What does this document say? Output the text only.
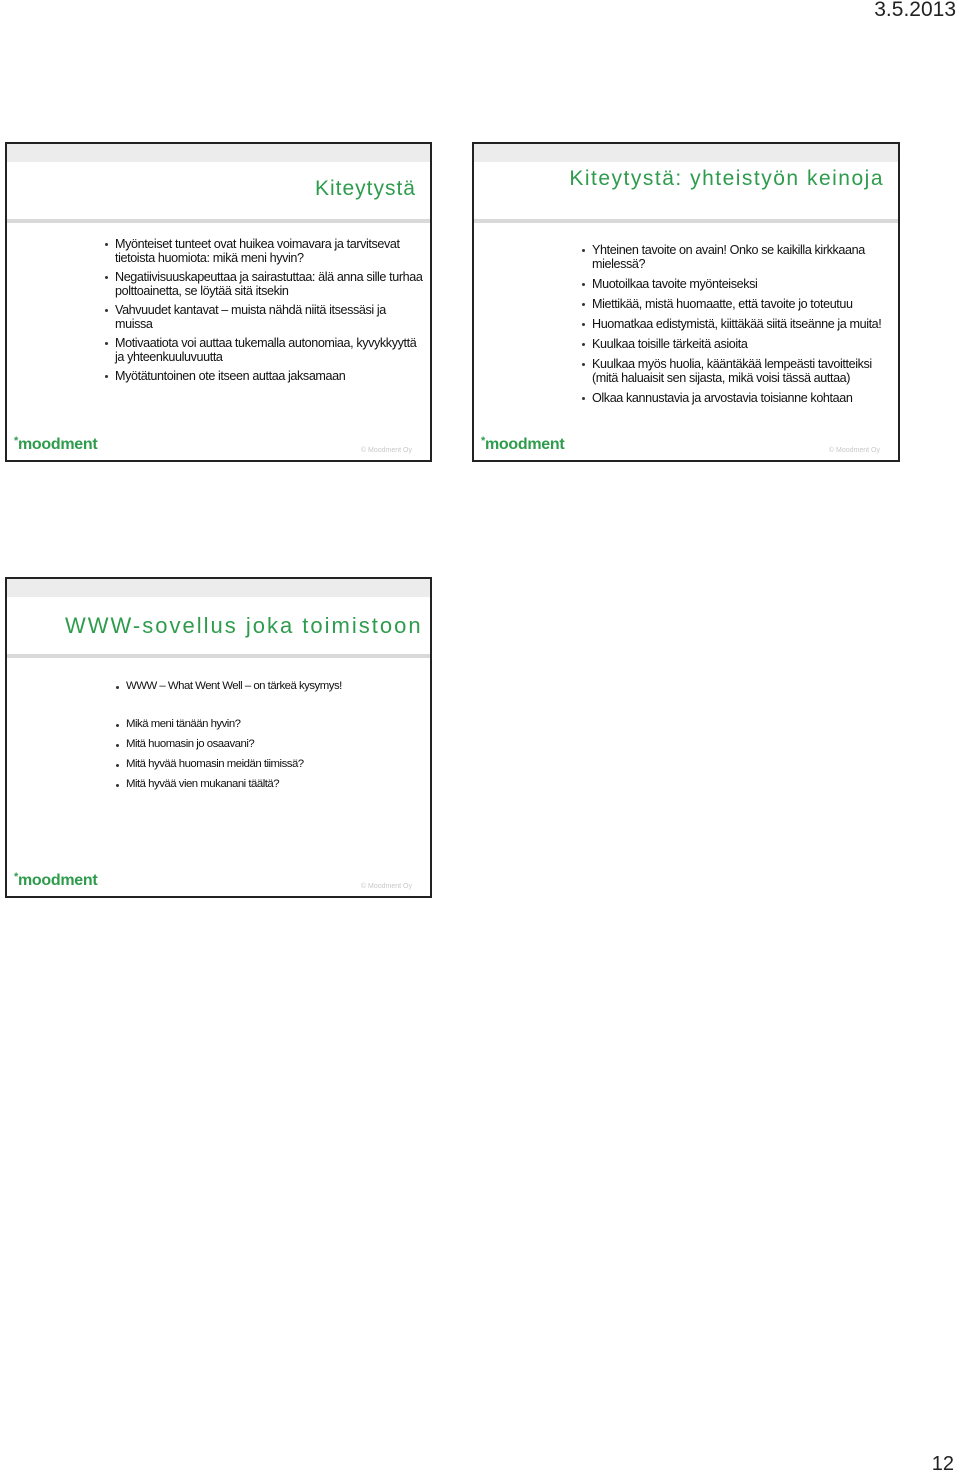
3.5.2013
Kiteytystä
Myönteiset tunteet ovat huikea voimavara ja tarvitsevat tietoista huomiota: mikä meni hyvin?
Negatiivisuuskapeuttaa ja sairastuttaa: älä anna sille turhaa polttoainetta, se löytää sitä itsekin
Vahvuudet kantavat – muista nähdä niitä itsessäsi ja muissa
Motivaatiota voi auttaa tukemalla autonomiaa, kyvykkyyttä ja yhteenkuuluvuutta
Myötätuntoinen ote itseen auttaa jaksamaan
*moodment	© Moodment Oy
Kiteytystä: yhteistyön keinoja
Yhteinen tavoite on avain! Onko se kaikilla kirkkaana mielessä?
Muotoilkaa tavoite myönteiseksi
Miettikää, mistä huomaatte, että tavoite jo toteutuu
Huomatkaa edistymistä, kiittäkää siitä itseänne ja muita!
Kuulkaa toisille tärkeitä asioita
Kuulkaa myös huolia, kääntäkää lempeästi tavoitteiksi (mitä haluaisit sen sijasta, mikä voisi tässä auttaa)
Olkaa kannustavia ja arvostavia toisianne kohtaan
*moodment	© Moodment Oy
WWW-sovellus joka toimistoon
WWW – What Went Well – on tärkeä kysymys!
Mikä meni tänään hyvin?
Mitä huomasin jo osaavani?
Mitä hyvää huomasin meidän tiimissä?
Mitä hyvää vien mukanani täältä?
*moodment	© Moodment Oy
12
